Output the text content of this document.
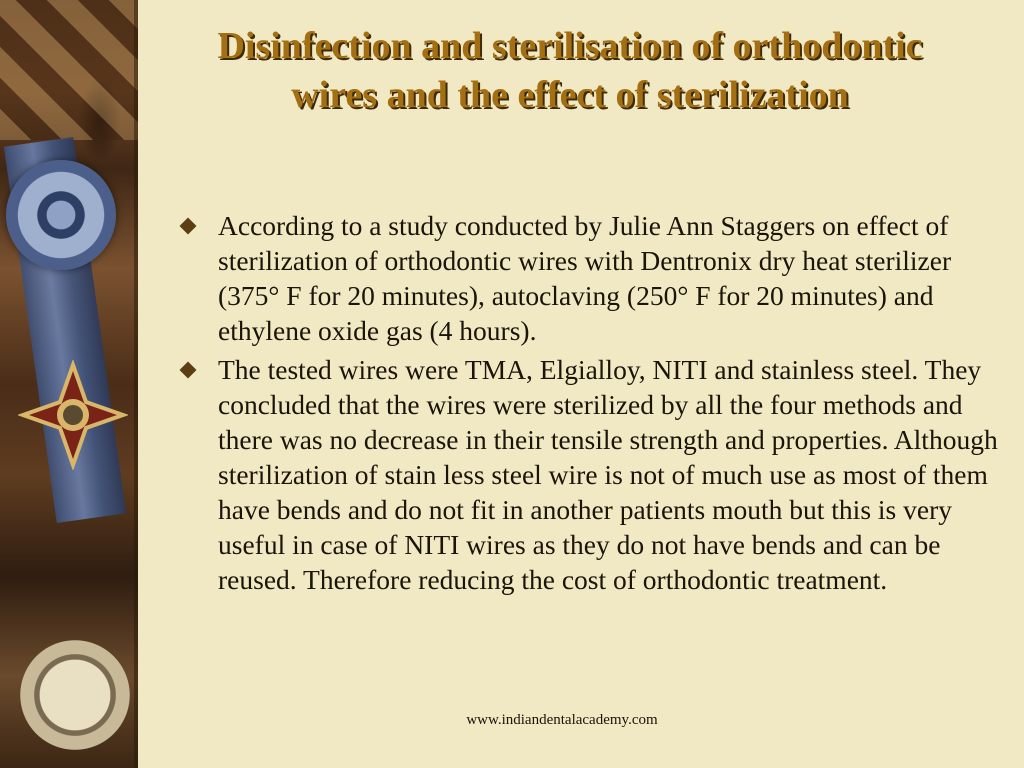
Disinfection and sterilisation of orthodontic wires and the effect of sterilization
According to a study conducted by Julie Ann Staggers on effect of sterilization of orthodontic wires with Dentronix dry heat sterilizer (375° F for 20 minutes), autoclaving (250° F for 20 minutes) and ethylene oxide gas (4 hours).
The tested wires were TMA, Elgialloy, NITI and stainless steel. They concluded that the wires were sterilized by all the four methods and there was no decrease in their tensile strength and properties. Although sterilization of stain less steel wire is not of much use as most of them have bends and do not fit in another patients mouth but this is very useful in case of NITI wires as they do not have bends and can be reused. Therefore reducing the cost of orthodontic treatment.
www.indiandentalacademy.com
